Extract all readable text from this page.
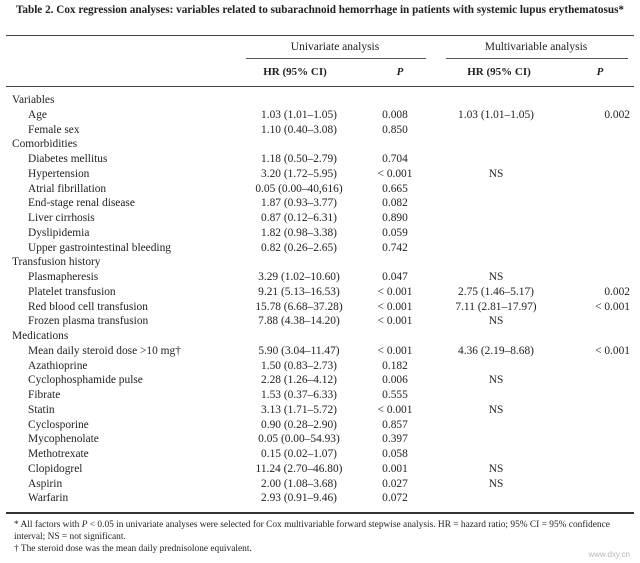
Table 2. Cox regression analyses: variables related to subarachnoid hemorrhage in patients with systemic lupus erythematosus*
Univariate analysis	Multivariable analysis
HR (95% CI)	P	HR (95% CI)	P
Variables				
Age	1.03 (1.01–1.05)	0.008	1.03 (1.01–1.05)	0.002
Female sex	1.10 (0.40–3.08)	0.850		
Comorbidities				
Diabetes mellitus	1.18 (0.50–2.79)	0.704		
Hypertension	3.20 (1.72–5.95)	< 0.001	NS	
Atrial fibrillation	0.05 (0.00–40,616)	0.665		
End-stage renal disease	1.87 (0.93–3.77)	0.082		
Liver cirrhosis	0.87 (0.12–6.31)	0.890		
Dyslipidemia	1.82 (0.98–3.38)	0.059		
Upper gastrointestinal bleeding	0.82 (0.26–2.65)	0.742		
Transfusion history				
Plasmapheresis	3.29 (1.02–10.60)	0.047	NS	
Platelet transfusion	9.21 (5.13–16.53)	< 0.001	2.75 (1.46–5.17)	0.002
Red blood cell transfusion	15.78 (6.68–37.28)	< 0.001	7.11 (2.81–17.97)	< 0.001
Frozen plasma transfusion	7.88 (4.38–14.20)	< 0.001	NS	
Medications				
Mean daily steroid dose >10 mg†	5.90 (3.04–11.47)	< 0.001	4.36 (2.19–8.68)	< 0.001
Azathioprine	1.50 (0.83–2.73)	0.182		
Cyclophosphamide pulse	2.28 (1.26–4.12)	0.006	NS	
Fibrate	1.53 (0.37–6.33)	0.555		
Statin	3.13 (1.71–5.72)	< 0.001	NS	
Cyclosporine	0.90 (0.28–2.90)	0.857		
Mycophenolate	0.05 (0.00–54.93)	0.397		
Methotrexate	0.15 (0.02–1.07)	0.058		
Clopidogrel	11.24 (2.70–46.80)	0.001	NS	
Aspirin	2.00 (1.08–3.68)	0.027	NS	
Warfarin	2.93 (0.91–9.46)	0.072		

* All factors with P < 0.05 in univariate analyses were selected for Cox multivariable forward stepwise analysis. HR = hazard ratio; 95% CI = 95% confidence interval; NS = not significant.

† The steroid dose was the mean daily prednisolone equivalent.

www.dxy.cn
